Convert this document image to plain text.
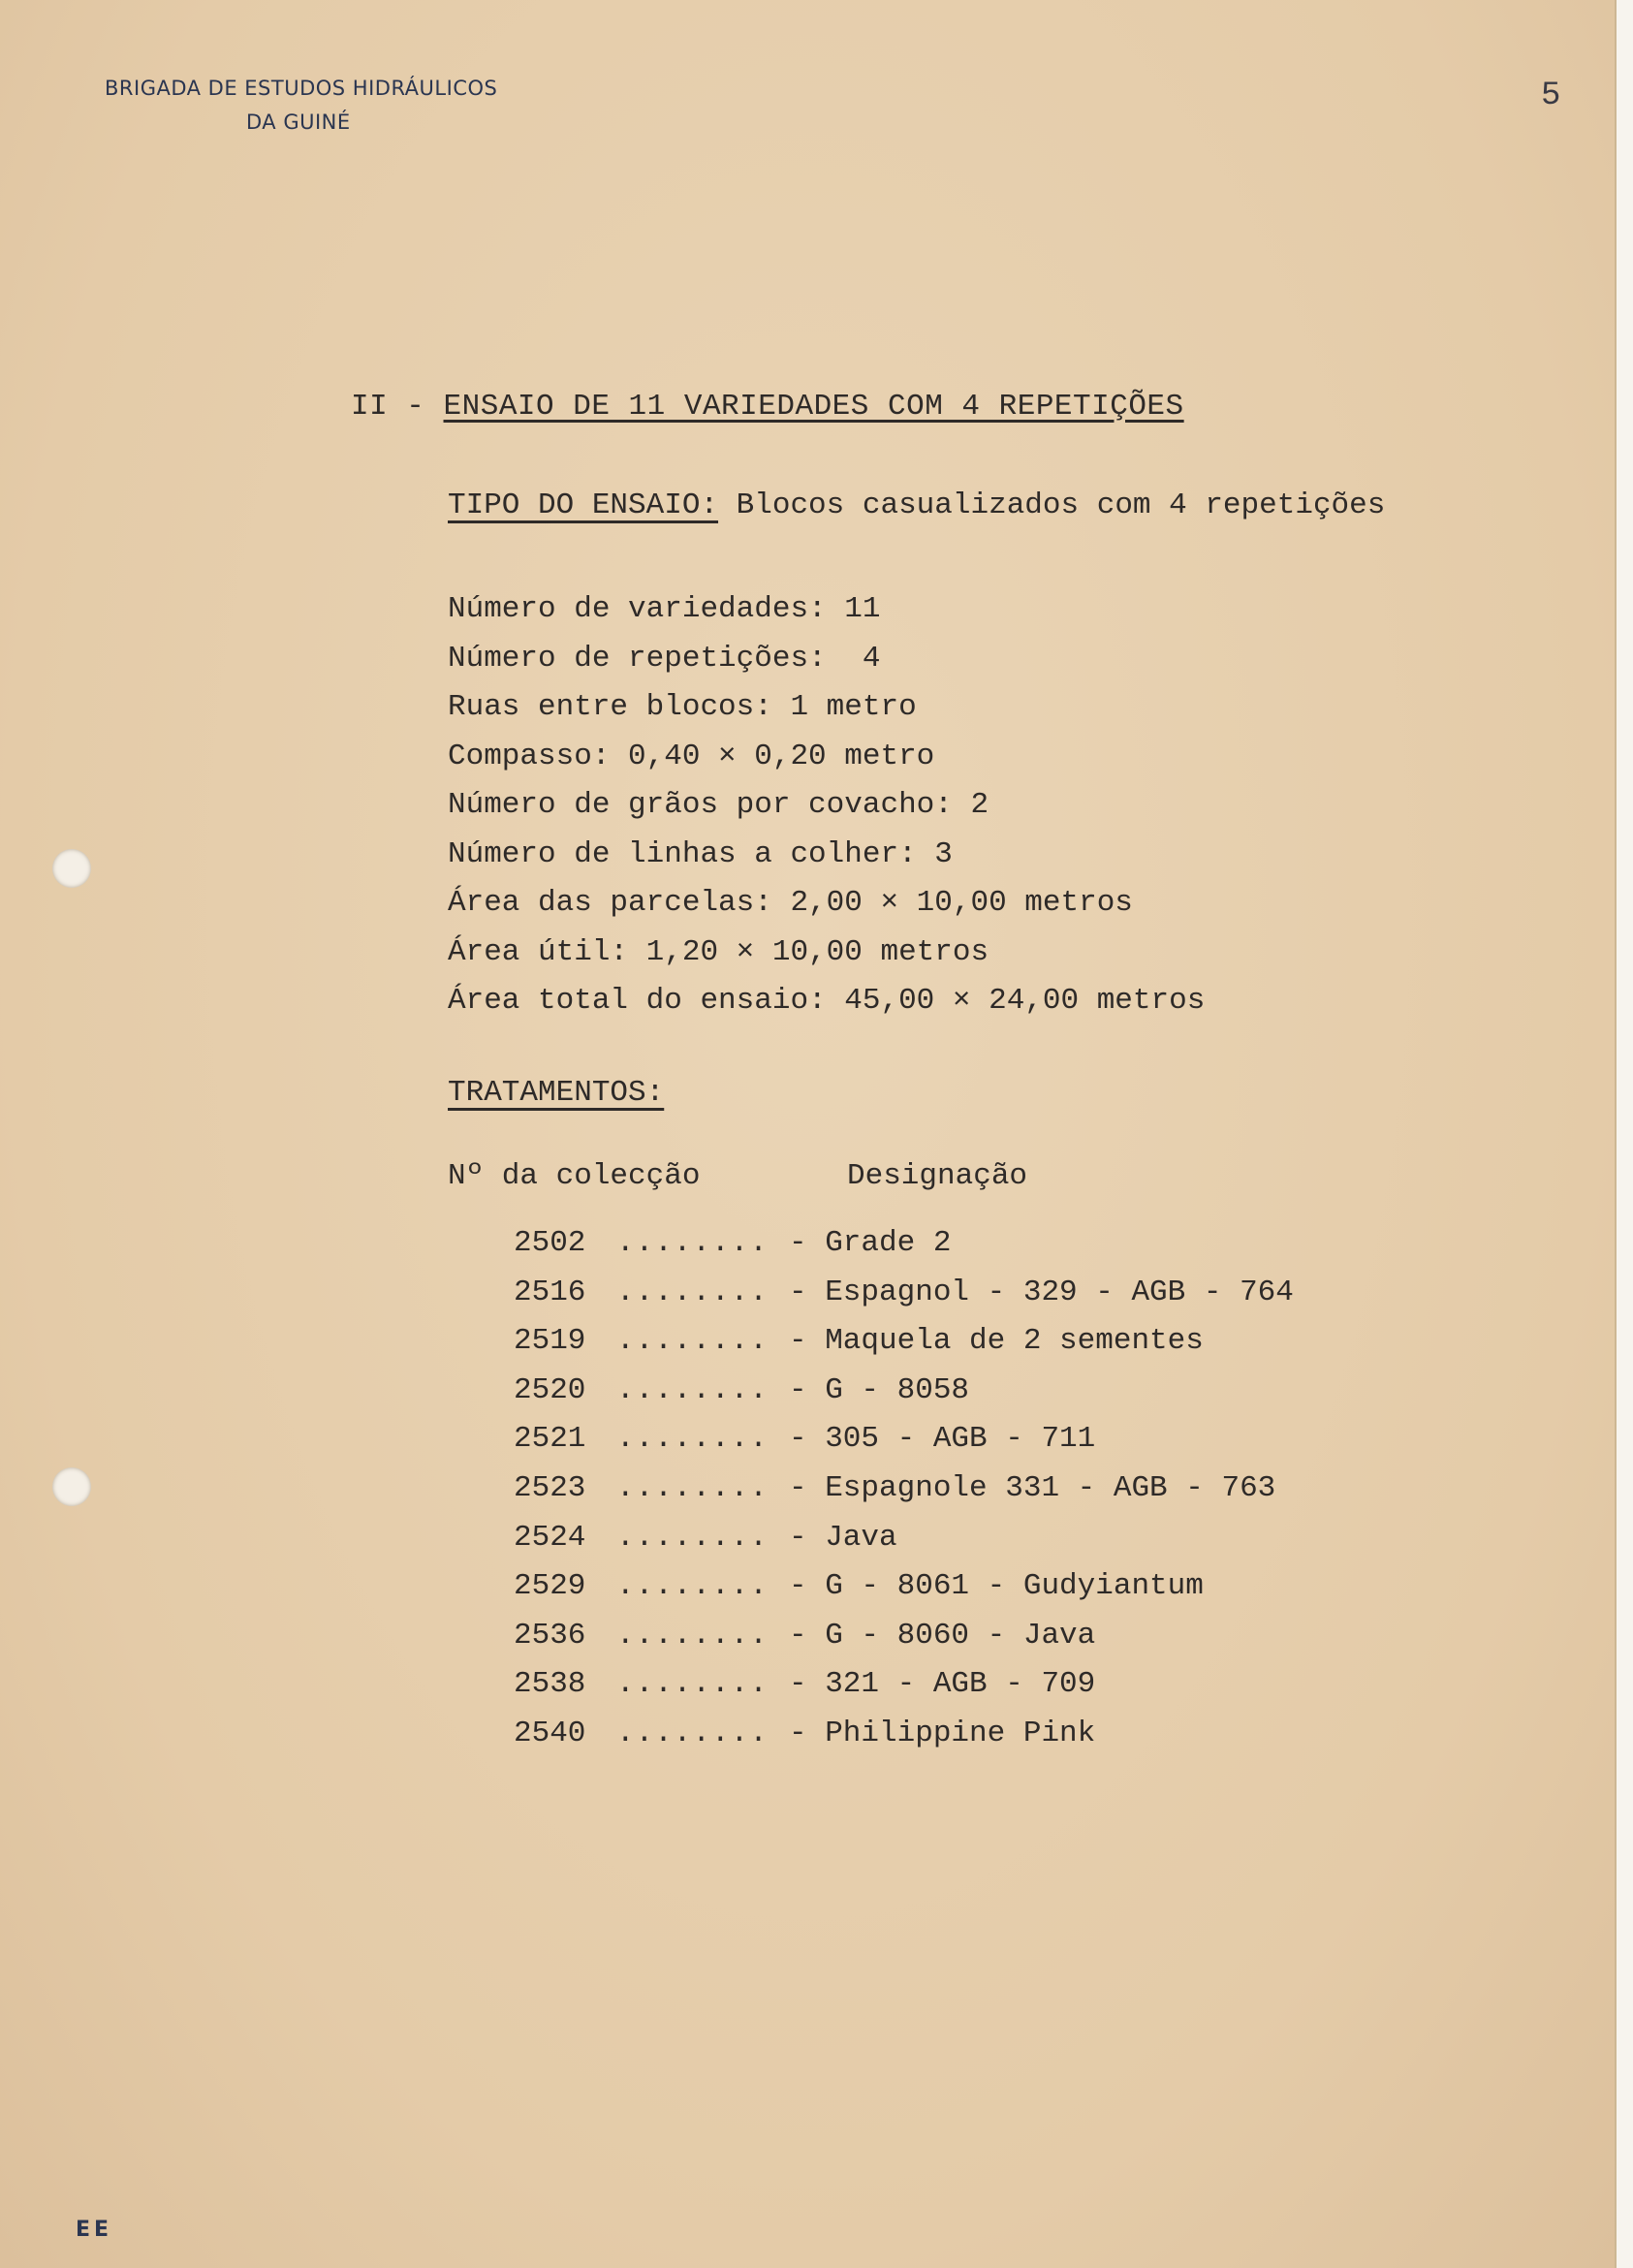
BRIGADA DE ESTUDOS HIDRÁULICOS
DA GUINÉ
5
II - ENSAIO DE 11 VARIEDADES COM 4 REPETIÇÕES
TIPO DO ENSAIO: Blocos casualizados com 4 repetições
Número de variedades: 11
Número de repetições:  4
Ruas entre blocos: 1 metro
Compasso: 0,40 × 0,20 metro
Número de grãos por covacho: 2
Número de linhas a colher: 3
Área das parcelas: 2,00 × 10,00 metros
Área útil: 1,20 × 10,00 metros
Área total do ensaio: 45,00 × 24,00 metros
TRATAMENTOS:
Nº da colecção	Designação
2502 ........ - Grade 2
2516 ........ - Espagnol - 329 - AGB - 764
2519 ........ - Maquela de 2 sementes
2520 ........ - G - 8058
2521 ........ - 305 - AGB - 711
2523 ........ - Espagnole 331 - AGB - 763
2524 ........ - Java
2529 ........ - G - 8061 - Gudyiantum
2536 ........ - G - 8060 - Java
2538 ........ - 321 - AGB - 709
2540 ........ - Philippine Pink
EE
